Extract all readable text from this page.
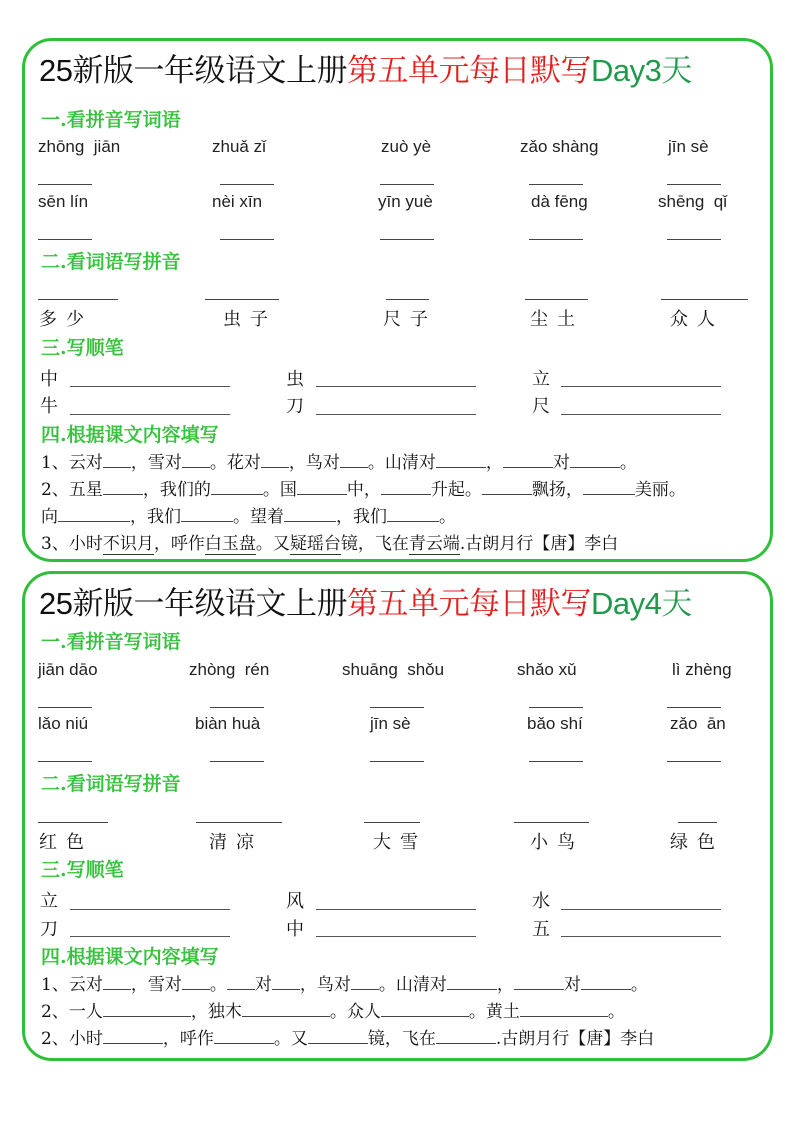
25新版一年级语文上册第五单元每日默写Day3天
一.看拼音写词语
zhōng  jiān	zhuǎ zǐ	zuò yè	zǎo shàng	jīn sè
sēn lín	nèi xīn	yīn yuè	dà fēng	shēng  qǐ
二.看词语写拼音
多少	虫子	尺子	尘土	众人
三.写顺笔
中	虫	立
牛	刀	尺
四.根据课文内容填写
1、云对 ，雪对 。花对 ，鸟对 。山清对	，	对	。
2、五星 ，我们的	。国	中，	升起。	飘扬，	美丽。
向	，我们	。望着	，我们	。
3、小时不识月，呼作白玉盘。又疑瑶台镜，飞在青云端.古朗月行【唐】李白
25新版一年级语文上册第五单元每日默写Day4天
一.看拼音写词语
jiān dāo	zhòng  rén	shuāng  shǒu	shǎo xǔ	lì zhèng
lǎo niú	biàn huà	jīn sè	bǎo shí	zǎo  ān
二.看词语写拼音
红色	清凉	大雪	小鸟	绿色
三.写顺笔
立	风	水
刀	中	五
四.根据课文内容填写
1、云对 ，雪对 。 对 ，鸟对 。山清对	，	对	。
2、一人	，独木	。众人	。黄土	。
2、小时	，呼作	。又	镜，飞在	.古朗月行【唐】李白
